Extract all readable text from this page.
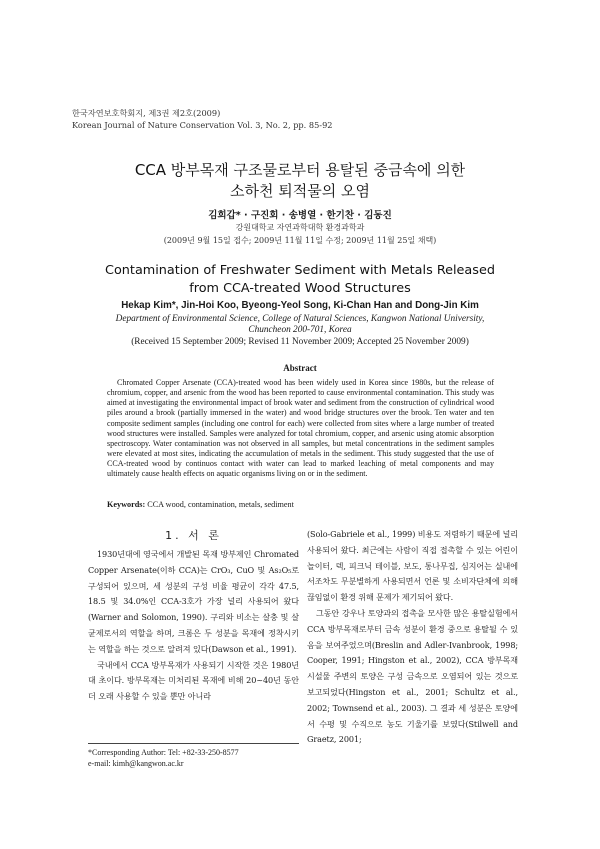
한국자연보호학회지, 제3권 제2호(2009)
Korean Journal of Nature Conservation Vol. 3, No. 2, pp. 85-92
CCA 방부목재 구조물로부터 용탈된 중금속에 의한
소하천 퇴적물의 오염
김희갑* · 구진회 · 송병열 · 한기찬 · 김동진
강원대학교 자연과학대학 환경과학과
(2009년 9월 15일 접수; 2009년 11월 11일 수정; 2009년 11월 25일 채택)
Contamination of Freshwater Sediment with Metals Released
from CCA-treated Wood Structures
Hekap Kim*, Jin-Hoi Koo, Byeong-Yeol Song, Ki-Chan Han and Dong-Jin Kim
Department of Environmental Science, College of Natural Sciences, Kangwon National University,
Chuncheon 200-701, Korea
(Received 15 September 2009; Revised 11 November 2009; Accepted 25 November 2009)
Abstract
Chromated Copper Arsenate (CCA)-treated wood has been widely used in Korea since 1980s, but the release of chromium, copper, and arsenic from the wood has been reported to cause environmental contamination. This study was aimed at investigating the environmental impact of brook water and sediment from the construction of cylindrical wood piles around a brook (partially immersed in the water) and wood bridge structures over the brook. Ten water and ten composite sediment samples (including one control for each) were collected from sites where a large number of treated wood structures were installed. Samples were analyzed for total chromium, copper, and arsenic using atomic absorption spectroscopy. Water contamination was not observed in all samples, but metal concentrations in the sediment samples were elevated at most sites, indicating the accumulation of metals in the sediment. This study suggested that the use of CCA-treated wood by continuos contact with water can lead to marked leaching of metal components and may ultimately cause health effects on aquatic organisms living on or in the sediment.
Keywords: CCA wood, contamination, metals, sediment
1. 서 론

1930년대에 영국에서 개발된 목재 방부제인 Chromated Copper Arsenate(이하 CCA)는 CrO₃, CuO 및 As₂O₅로 구성되어 있으며, 세 성분의 구성 비율 평균이 각각 47.5, 18.5 및 34.0%인 CCA-3호가 가장 널리 사용되어 왔다(Warner and Solomon, 1990). 구리와 비소는 살충 및 살균제로서의 역할을 하며, 크롬은 두 성분을 목재에 정착시키는 역할을 하는 것으로 알려져 있다(Dawson et al., 1991).

국내에서 CCA 방부목재가 사용되기 시작한 것은 1980년대 초이다. 방부목재는 미처리된 목재에 비해 20~40년 동안 더 오래 사용할 수 있을 뿐만 아니라

(Solo-Gabriele et al., 1999) 비용도 저렴하기 때문에 널리 사용되어 왔다. 최근에는 사람이 직접 접촉할 수 있는 어린이 놀이터, 덱, 피크닉 테이블, 보도, 통나무집, 심지어는 실내에서조차도 무분별하게 사용되면서 언론 및 소비자단체에 의해 끊임없이 환경 위해 문제가 제기되어 왔다.

그동안 강우나 토양과의 접촉을 모사한 많은 용탈실험에서 CCA 방부목재로부터 금속 성분이 환경 중으로 용탈될 수 있음을 보여주었으며(Breslin and Adler-Ivanbrook, 1998; Cooper, 1991; Hingston et al., 2002), CCA 방부목재 시설물 주변의 토양은 구성 금속으로 오염되어 있는 것으로 보고되었다(Hingston et al., 2001; Schultz et al., 2002; Townsend et al., 2003). 그 결과 세 성분은 토양에서 수평 및 수직으로 농도 기울기를 보였다(Stilwell and Graetz, 2001;

*Corresponding Author: Tel: +82-33-250-8577
e-mail: kimh@kangwon.ac.kr
